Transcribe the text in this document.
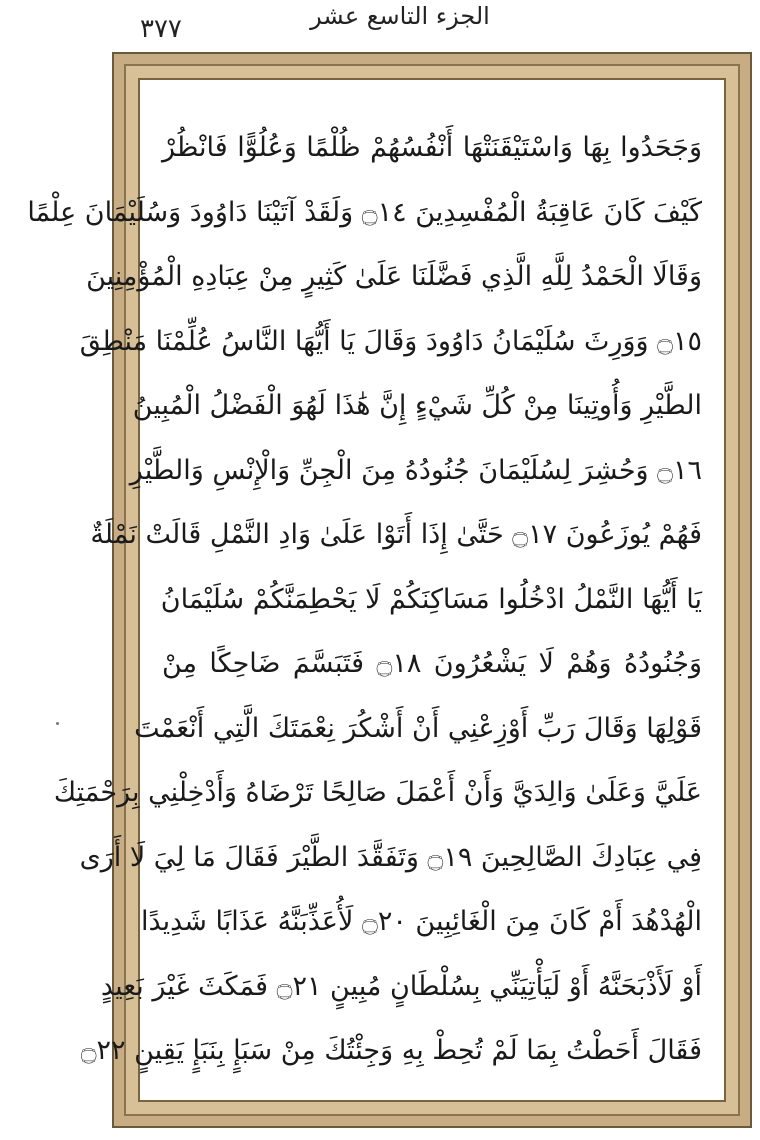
الجزء التاسع عشر
٣٧٧
وَجَحَدُوا بِهَا وَاسْتَيْقَنَتْهَا أَنْفُسُهُمْ ظُلْمًا وَعُلُوًّا فَانْظُرْ
كَيْفَ كَانَ عَاقِبَةُ الْمُفْسِدِينَ ۝١٤ وَلَقَدْ آتَيْنَا دَاوُودَ وَسُلَيْمَانَ عِلْمًا
وَقَالَا الْحَمْدُ لِلَّهِ الَّذِي فَضَّلَنَا عَلَىٰ كَثِيرٍ مِنْ عِبَادِهِ الْمُؤْمِنِينَ
۝١٥ وَوَرِثَ سُلَيْمَانُ دَاوُودَ وَقَالَ يَا أَيُّهَا النَّاسُ عُلِّمْنَا مَنْطِقَ
الطَّيْرِ وَأُوتِينَا مِنْ كُلِّ شَيْءٍ إِنَّ هَٰذَا لَهُوَ الْفَضْلُ الْمُبِينُ
۝١٦ وَحُشِرَ لِسُلَيْمَانَ جُنُودُهُ مِنَ الْجِنِّ وَالْإِنْسِ وَالطَّيْرِ
فَهُمْ يُوزَعُونَ ۝١٧ حَتَّىٰ إِذَا أَتَوْا عَلَىٰ وَادِ النَّمْلِ قَالَتْ نَمْلَةٌ
يَا أَيُّهَا النَّمْلُ ادْخُلُوا مَسَاكِنَكُمْ لَا يَحْطِمَنَّكُمْ سُلَيْمَانُ
وَجُنُودُهُ وَهُمْ لَا يَشْعُرُونَ ۝١٨ فَتَبَسَّمَ ضَاحِكًا مِنْ
قَوْلِهَا وَقَالَ رَبِّ أَوْزِعْنِي أَنْ أَشْكُرَ نِعْمَتَكَ الَّتِي أَنْعَمْتَ
عَلَيَّ وَعَلَىٰ وَالِدَيَّ وَأَنْ أَعْمَلَ صَالِحًا تَرْضَاهُ وَأَدْخِلْنِي بِرَحْمَتِكَ
فِي عِبَادِكَ الصَّالِحِينَ ۝١٩ وَتَفَقَّدَ الطَّيْرَ فَقَالَ مَا لِيَ لَا أَرَى
الْهُدْهُدَ أَمْ كَانَ مِنَ الْغَائِبِينَ ۝٢٠ لَأُعَذِّبَنَّهُ عَذَابًا شَدِيدًا
أَوْ لَأَذْبَحَنَّهُ أَوْ لَيَأْتِيَنِّي بِسُلْطَانٍ مُبِينٍ ۝٢١ فَمَكَثَ غَيْرَ بَعِيدٍ
فَقَالَ أَحَطْتُ بِمَا لَمْ تُحِطْ بِهِ وَجِئْتُكَ مِنْ سَبَإٍ بِنَبَإٍ يَقِينٍ ۝٢٢
